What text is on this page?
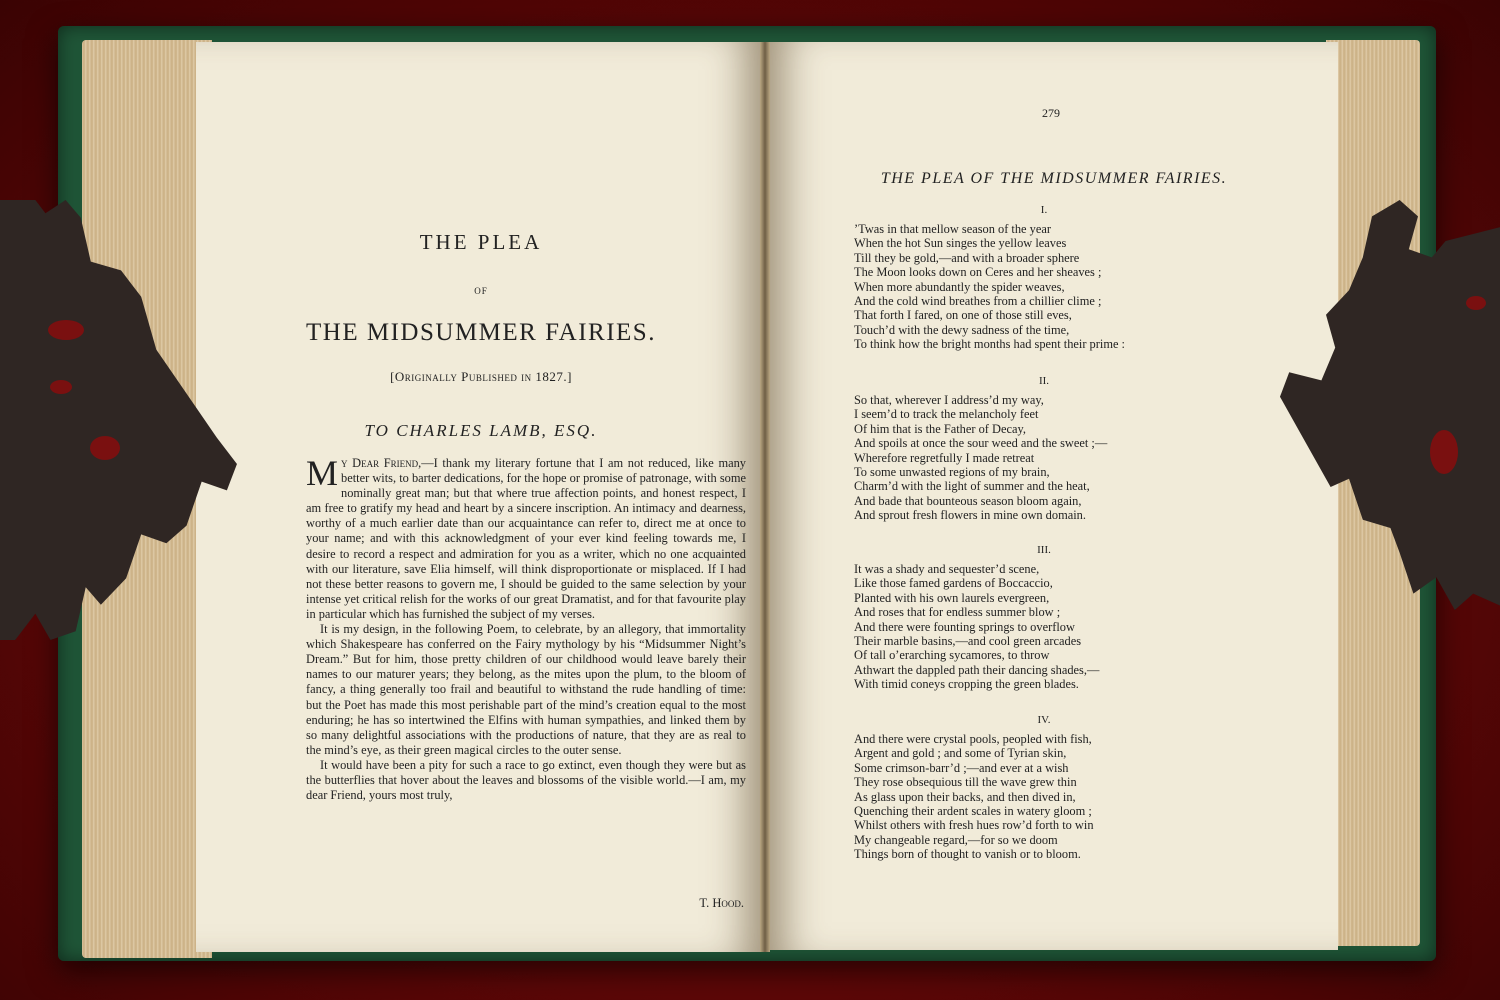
THE PLEA
OF
THE MIDSUMMER FAIRIES.
[Originally Published in 1827.]
TO CHARLES LAMB, ESQ.

My Dear Friend,—I thank my literary fortune that I am not reduced, like many better wits, to barter dedications, for the hope or promise of patronage, with some nominally great man; but that where true affection points, and honest respect, I am free to gratify my head and heart by a sincere inscription. An intimacy and dearness, worthy of a much earlier date than our acquaintance can refer to, direct me at once to your name; and with this acknowledgment of your ever kind feeling towards me, I desire to record a respect and admiration for you as a writer, which no one acquainted with our literature, save Elia himself, will think disproportionate or misplaced. If I had not these better reasons to govern me, I should be guided to the same selection by your intense yet critical relish for the works of our great Dramatist, and for that favourite play in particular which has furnished the subject of my verses.

It is my design, in the following Poem, to celebrate, by an allegory, that immortality which Shakespeare has conferred on the Fairy mythology by his “Midsummer Night’s Dream.” But for him, those pretty children of our childhood would leave barely their names to our maturer years; they belong, as the mites upon the plum, to the bloom of fancy, a thing generally too frail and beautiful to withstand the rude handling of time: but the Poet has made this most perishable part of the mind’s creation equal to the most enduring; he has so intertwined the Elfins with human sympathies, and linked them by so many delightful associations with the productions of nature, that they are as real to the mind’s eye, as their green magical circles to the outer sense.

It would have been a pity for such a race to go extinct, even though they were but as the butterflies that hover about the leaves and blossoms of the visible world.—I am, my dear Friend, yours most truly,

T. Hood.
279
THE PLEA OF THE MIDSUMMER FAIRIES.
I.
’Twas in that mellow season of the year
When the hot Sun singes the yellow leaves
Till they be gold,—and with a broader sphere
The Moon looks down on Ceres and her sheaves ;
When more abundantly the spider weaves,
And the cold wind breathes from a chillier clime ;
That forth I fared, on one of those still eves,
Touch’d with the dewy sadness of the time,
To think how the bright months had spent their prime :
II.
So that, wherever I address’d my way,
I seem’d to track the melancholy feet
Of him that is the Father of Decay,
And spoils at once the sour weed and the sweet ;—
Wherefore regretfully I made retreat
To some unwasted regions of my brain,
Charm’d with the light of summer and the heat,
And bade that bounteous season bloom again,
And sprout fresh flowers in mine own domain.
III.
It was a shady and sequester’d scene,
Like those famed gardens of Boccaccio,
Planted with his own laurels evergreen,
And roses that for endless summer blow ;
And there were founting springs to overflow
Their marble basins,—and cool green arcades
Of tall o’erarching sycamores, to throw
Athwart the dappled path their dancing shades,—
With timid coneys cropping the green blades.
IV.
And there were crystal pools, peopled with fish,
Argent and gold ; and some of Tyrian skin,
Some crimson-barr’d ;—and ever at a wish
They rose obsequious till the wave grew thin
As glass upon their backs, and then dived in,
Quenching their ardent scales in watery gloom ;
Whilst others with fresh hues row’d forth to win
My changeable regard,—for so we doom
Things born of thought to vanish or to bloom.
